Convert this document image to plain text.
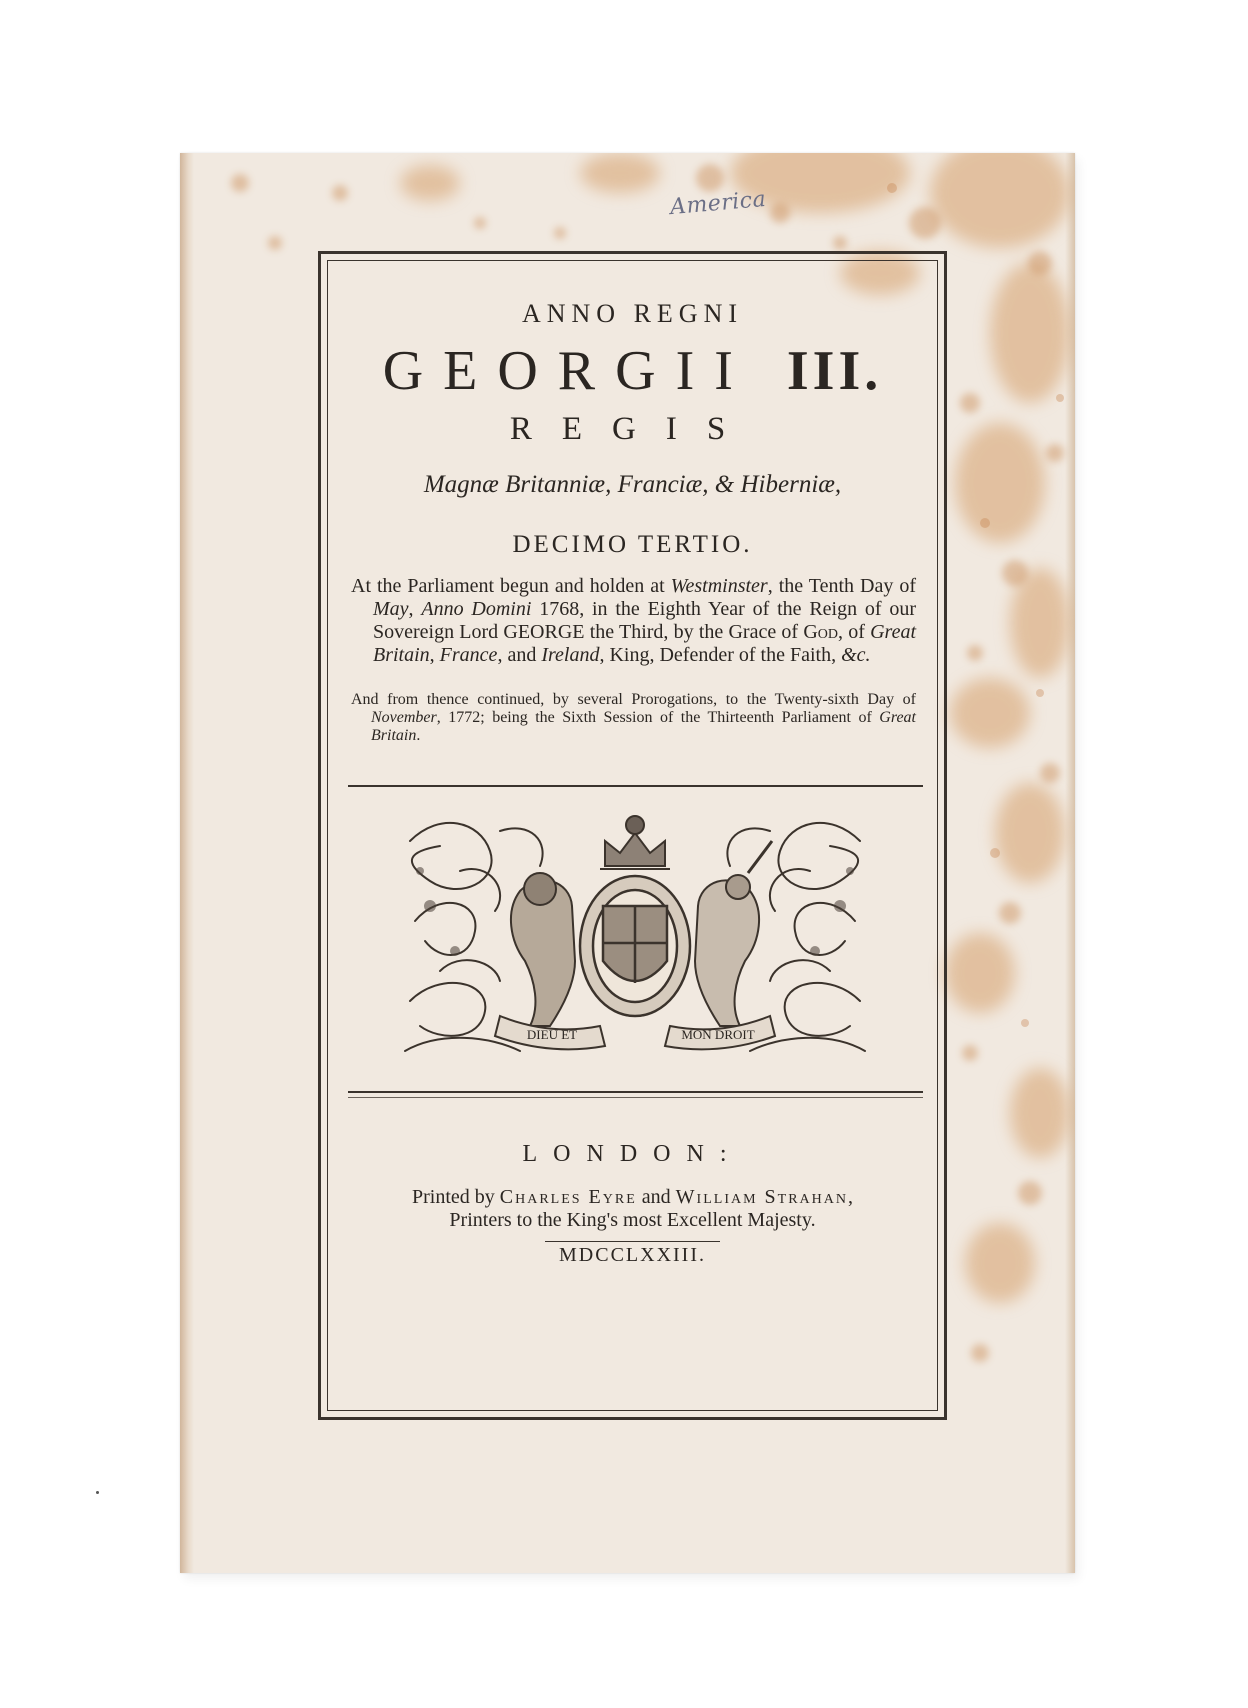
America
ANNO REGNI
GEORGII III.
REGIS
Magnæ Britanniæ, Franciæ, & Hiberniæ,
DECIMO TERTIO.
At the Parliament begun and holden at Westminster, the Tenth Day of May, Anno Domini 1768, in the Eighth Year of the Reign of our Sovereign Lord GEORGE the Third, by the Grace of God, of Great Britain, France, and Ireland, King, Defender of the Faith, &c.
And from thence continued, by several Prorogations, to the Twenty-sixth Day of November, 1772; being the Sixth Session of the Thirteenth Parliament of Great Britain.
DIEU ET	MON DROIT
LONDON:
Printed by Charles Eyre and William Strahan,
Printers to the King's most Excellent Majesty.
MDCCLXXIII.
